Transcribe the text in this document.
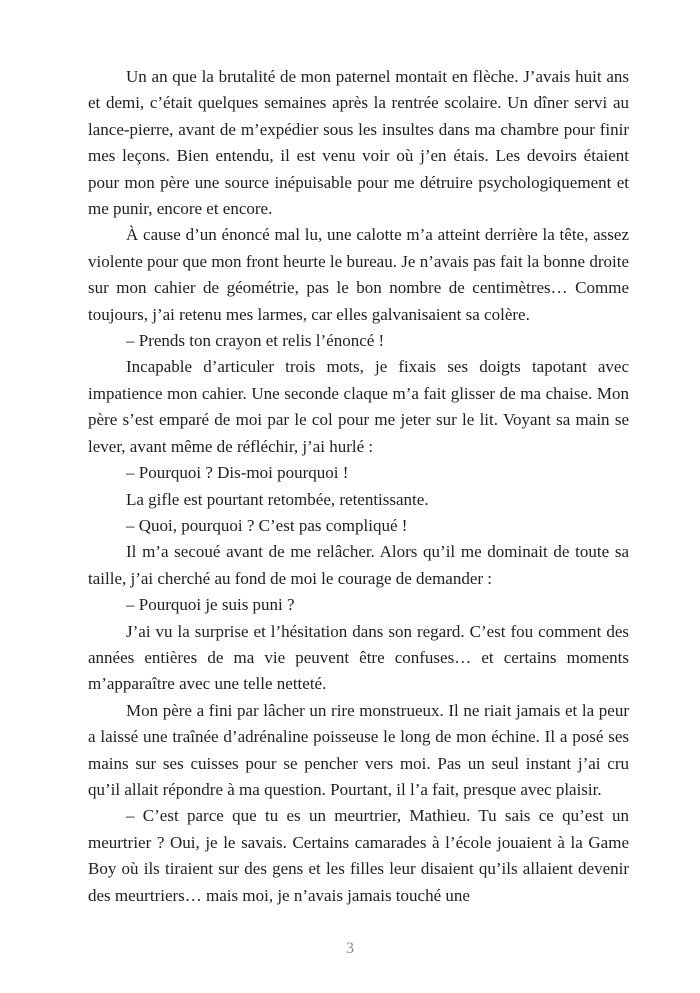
Un an que la brutalité de mon paternel montait en flèche. J’avais huit ans et demi, c’était quelques semaines après la rentrée scolaire. Un dîner servi au lance-pierre, avant de m’expédier sous les insultes dans ma chambre pour finir mes leçons. Bien entendu, il est venu voir où j’en étais. Les devoirs étaient pour mon père une source inépuisable pour me détruire psychologiquement et me punir, encore et encore.

À cause d’un énoncé mal lu, une calotte m’a atteint derrière la tête, assez violente pour que mon front heurte le bureau. Je n’avais pas fait la bonne droite sur mon cahier de géométrie, pas le bon nombre de centimètres… Comme toujours, j’ai retenu mes larmes, car elles galvanisaient sa colère.

– Prends ton crayon et relis l’énoncé !

Incapable d’articuler trois mots, je fixais ses doigts tapotant avec impatience mon cahier. Une seconde claque m’a fait glisser de ma chaise. Mon père s’est emparé de moi par le col pour me jeter sur le lit. Voyant sa main se lever, avant même de réfléchir, j’ai hurlé :

– Pourquoi ? Dis-moi pourquoi !

La gifle est pourtant retombée, retentissante.

– Quoi, pourquoi ? C’est pas compliqué !

Il m’a secoué avant de me relâcher. Alors qu’il me dominait de toute sa taille, j’ai cherché au fond de moi le courage de demander :

– Pourquoi je suis puni ?

J’ai vu la surprise et l’hésitation dans son regard. C’est fou comment des années entières de ma vie peuvent être confuses… et certains moments m’apparaître avec une telle netteté.

Mon père a fini par lâcher un rire monstrueux. Il ne riait jamais et la peur a laissé une traînée d’adrénaline poisseuse le long de mon échine. Il a posé ses mains sur ses cuisses pour se pencher vers moi. Pas un seul instant j’ai cru qu’il allait répondre à ma question. Pourtant, il l’a fait, presque avec plaisir.

– C’est parce que tu es un meurtrier, Mathieu. Tu sais ce qu’est un meurtrier ? Oui, je le savais. Certains camarades à l’école jouaient à la Game Boy où ils tiraient sur des gens et les filles leur disaient qu’ils allaient devenir des meurtriers… mais moi, je n’avais jamais touché une

3
